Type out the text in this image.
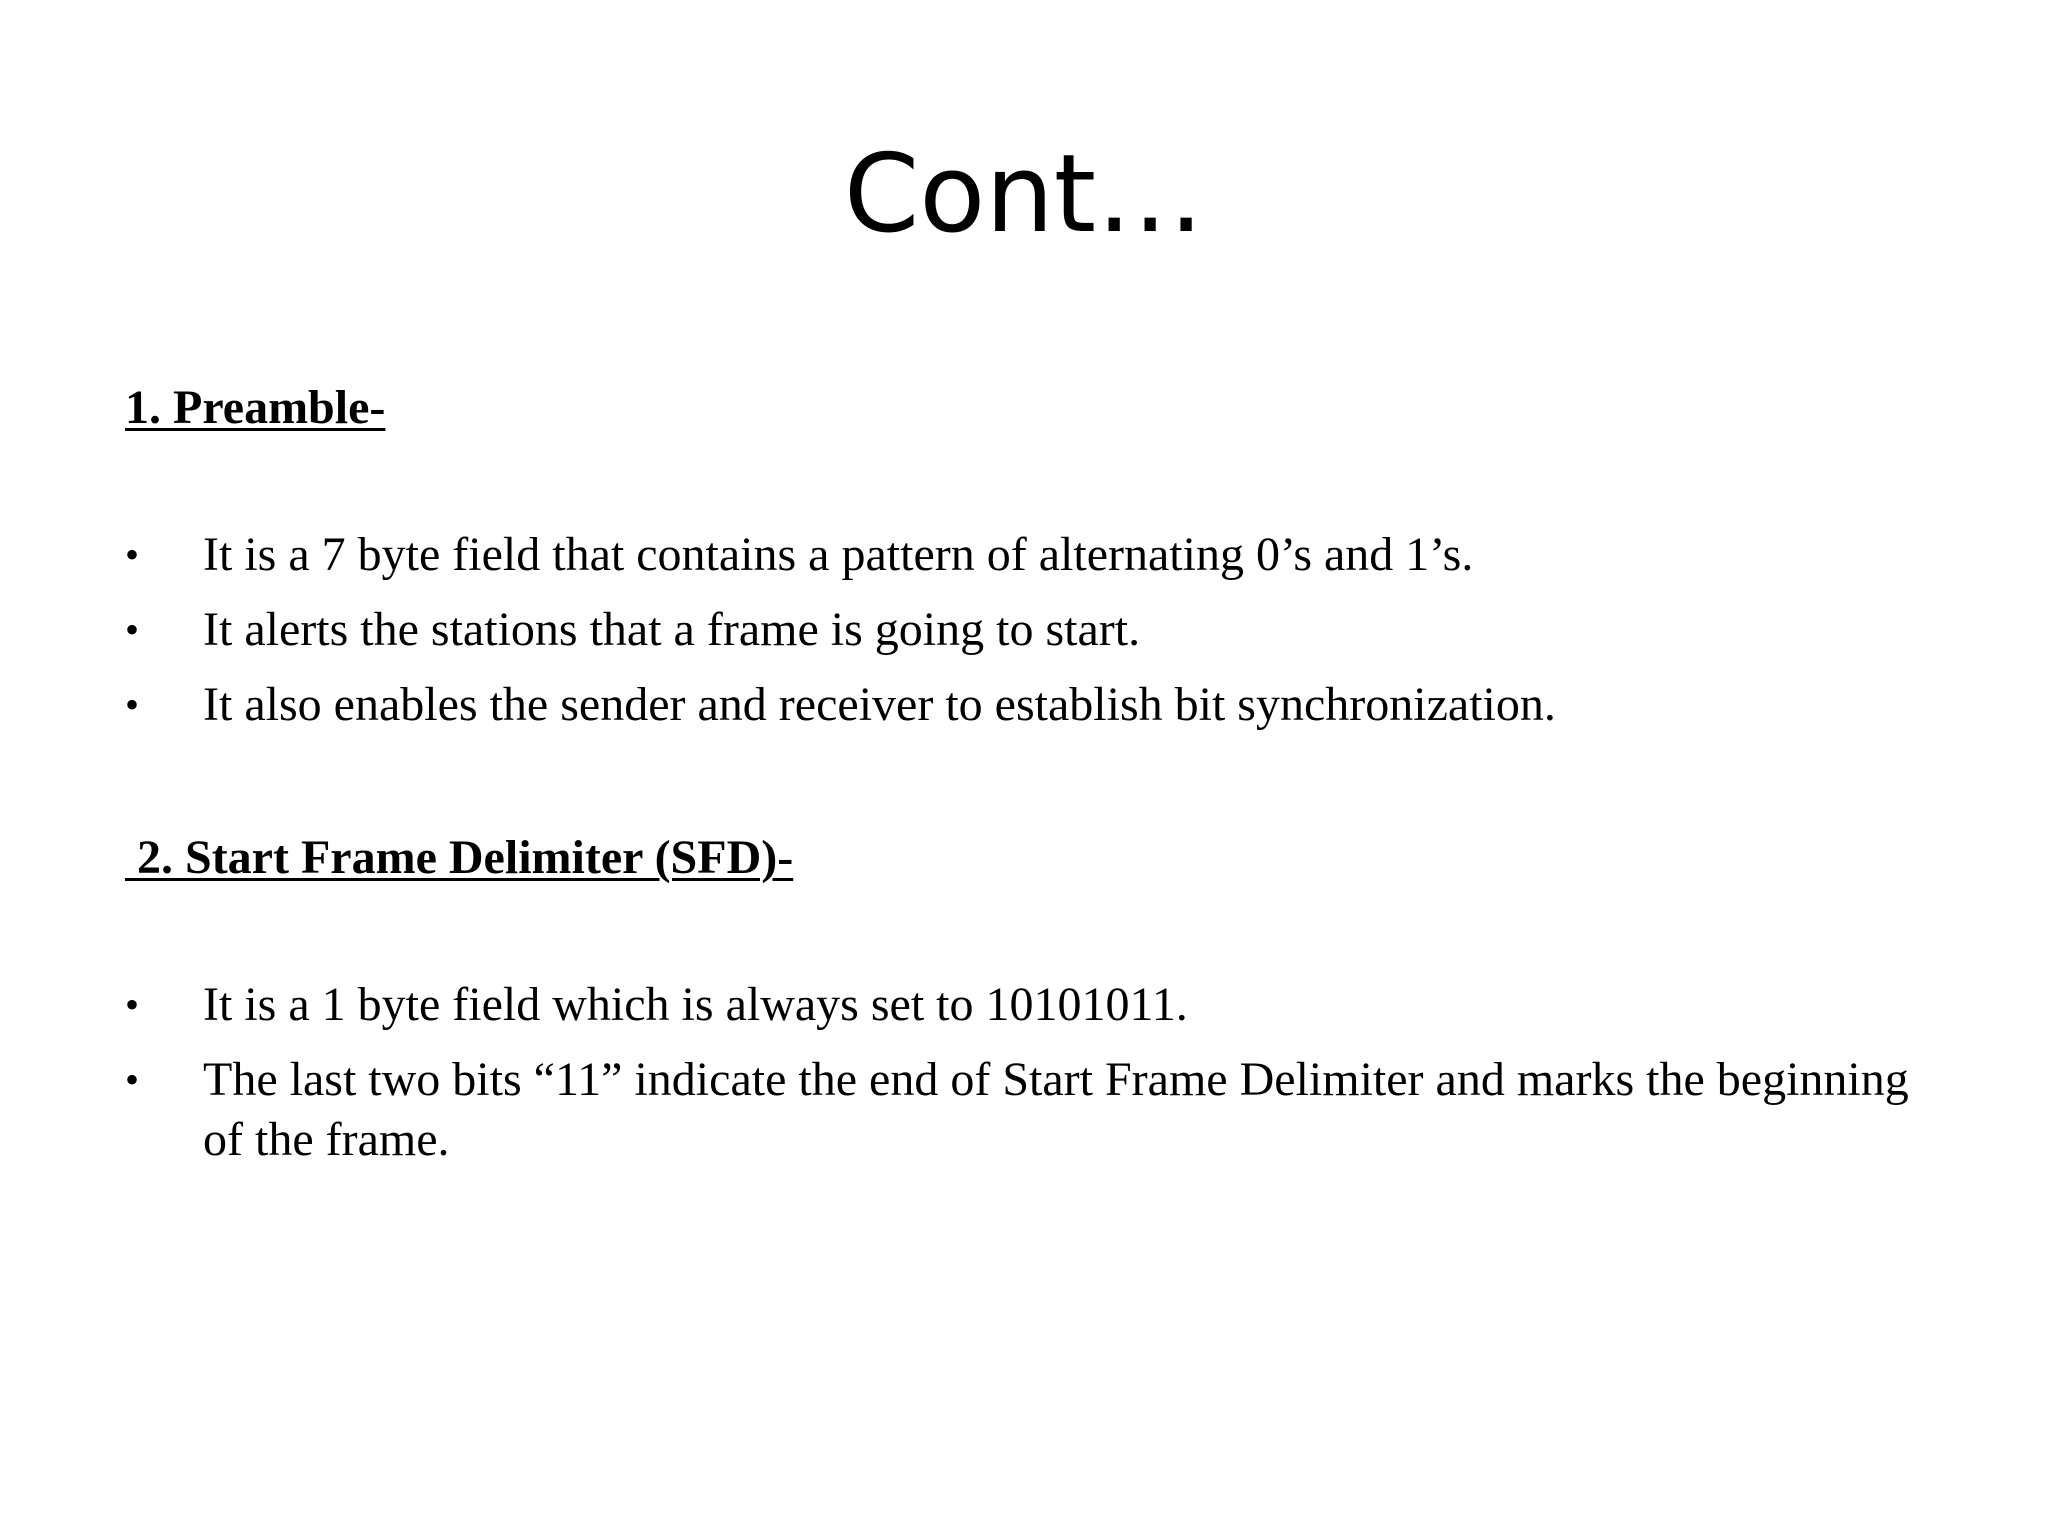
Cont…
1. Preamble-
•	It is a 7 byte field that contains a pattern of alternating 0’s and 1’s.
•	It alerts the stations that a frame is going to start.
•	It also enables the sender and receiver to establish bit synchronization.
2. Start Frame Delimiter (SFD)-
•	It is a 1 byte field which is always set to 10101011.
•	The last two bits “11” indicate the end of Start Frame Delimiter and marks the beginning of the frame.
